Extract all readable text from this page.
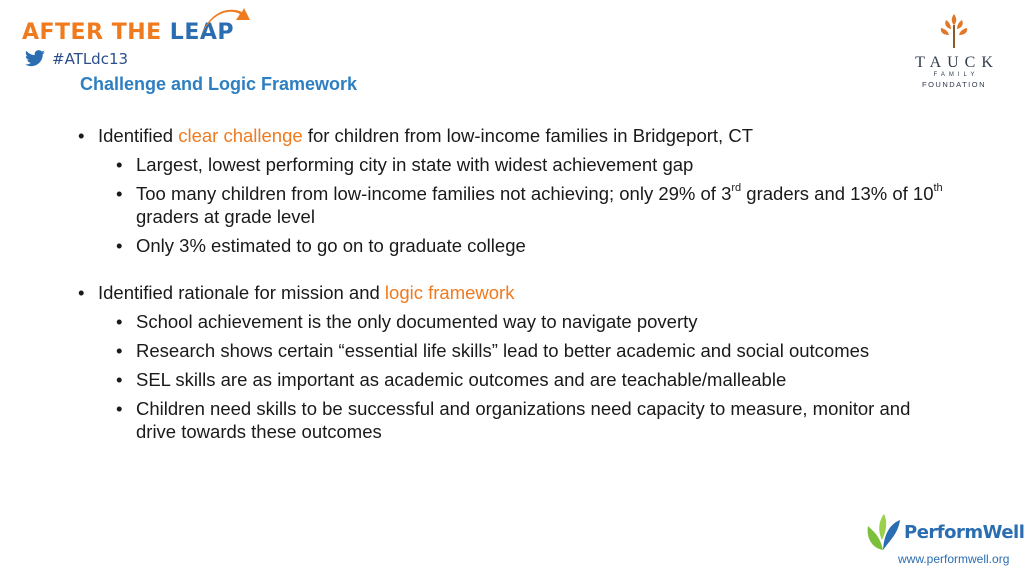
AFTER THE LEAP
#ATLdc13
Challenge and Logic Framework
TAUCK
FAMILY
FOUNDATION
• Identified clear challenge for children from low-income families in Bridgeport, CT
• Largest, lowest performing city in state with widest achievement gap
• Too many children from low-income families not achieving; only 29% of 3rd graders and 13% of 10th graders at grade level
• Only 3% estimated to go on to graduate college
• Identified rationale for mission and logic framework
• School achievement is the only documented way to navigate poverty
• Research shows certain “essential life skills” lead to better academic and social outcomes
• SEL skills are as important as academic outcomes and are teachable/malleable
• Children need skills to be successful and organizations need capacity to measure, monitor and drive towards these outcomes
PerformWell
www.performwell.org
